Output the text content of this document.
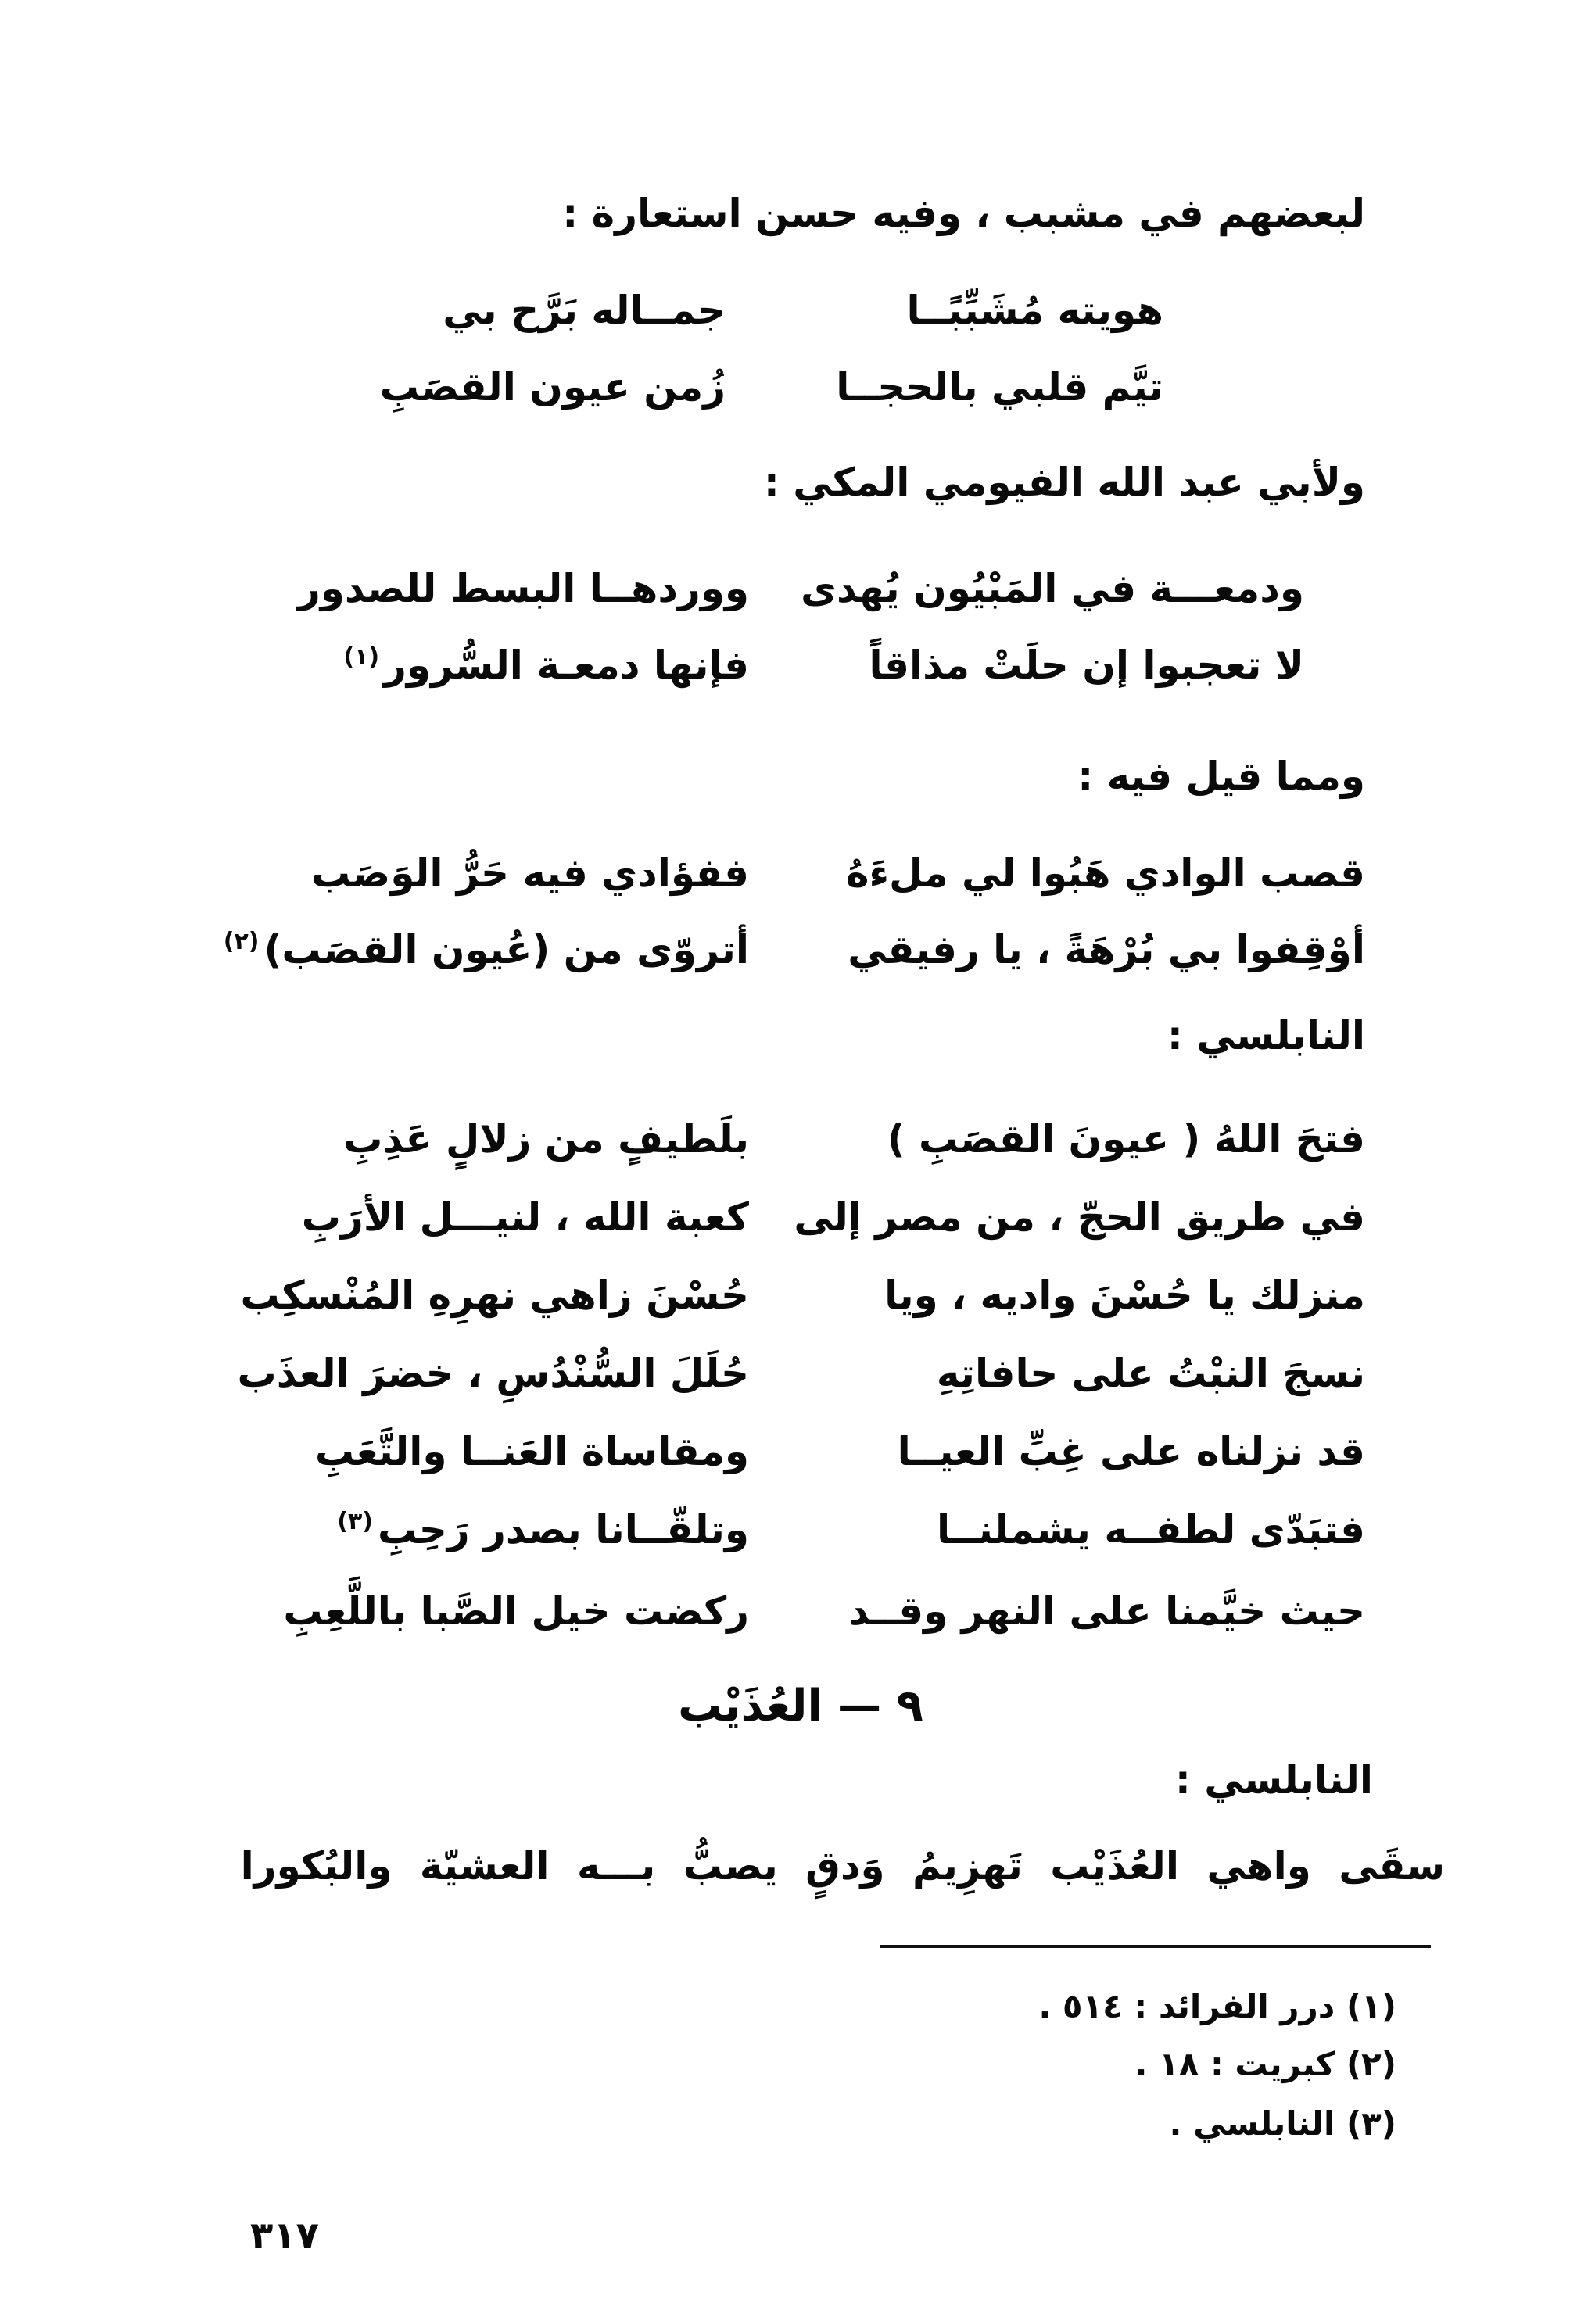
لبعضهم في مشبب ، وفيه حسن استعارة :
هويته مُشَبِّبًــا
جمــاله بَرَّح بي
تيَّم قلبي بالحجــا
زُمن عيون القصَبِ
ولأبي عبد الله الفيومي المكي :
ودمعـــة في المَبْيُون يُهدى
ووردهــا البسط للصدور
لا تعجبوا إن حلَتْ مذاقاً
فإنها دمعـة السُّرور$^{(١)}$
ومما قيل فيه :
قصب الوادي هَبُوا لي ملءَهُ
ففؤادي فيه حَرُّ الوَصَب
أوْقِفوا بي بُرْهَةً ، يا رفيقي
أتروّى من (عُيون القصَب)$^{(٢)}$
النابلسي :
فتحَ اللهُ ( عيونَ القصَبِ )
بلَطيفٍ من زلالٍ عَذِبِ
في طريق الحجّ ، من مصر إلى
كعبة الله ، لنيـــل الأرَبِ
منزلك يا حُسْنَ واديه ، ويا
حُسْنَ زاهي نهرِهِ المُنْسكِب
نسجَ النبْتُ على حافاتِهِ
حُلَلَ السُّنْدُسِ ، خضرَ العذَب
قد نزلناه على غِبِّ العيــا
ومقاساة العَنــا والتَّعَبِ
فتبَدّى لطفــه يشملنــا
وتلقّــانا بصدر رَحِبِ$^{(٣)}$
حيث خيَّمنا على النهر وقــد
ركضت خيل الصَّبا باللَّعِبِ
٩ — العُذَيْب
النابلسي :
سقَى واهي العُذَيْب تَهزِيمُ وَدقٍ يصبُّ بـــه العشيّة والبُكورا
(١) درر الفرائد : ٥١٤ .
(٢) كبريت : ١٨ .
(٣) النابلسي .
٣١٧
